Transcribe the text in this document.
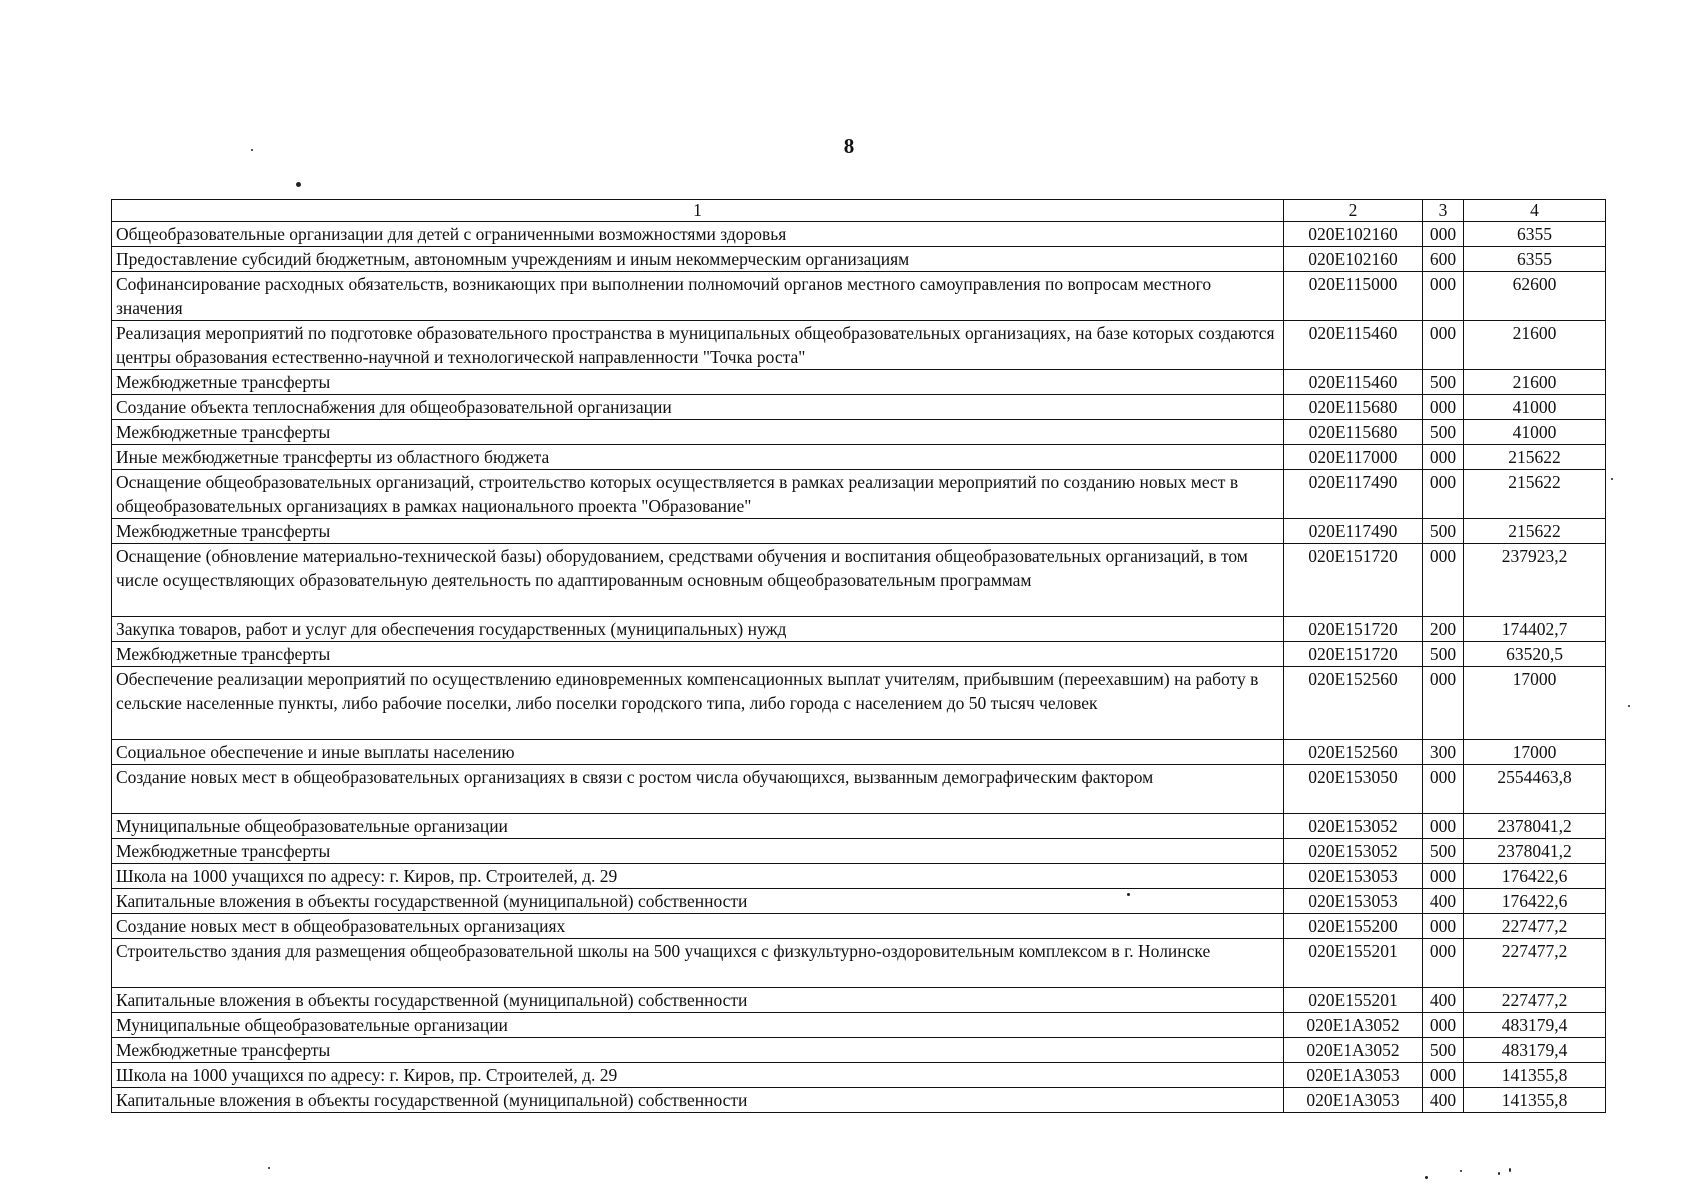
8
1	2	3	4
Общеобразовательные организации для детей с ограниченными возможностями здоровья	020E102160	000	6355
Предоставление субсидий бюджетным, автономным учреждениям и иным некоммерческим организациям	020E102160	600	6355
Софинансирование расходных обязательств, возникающих при выполнении полномочий органов местного самоуправления по вопросам местного значения	020E115000	000	62600
Реализация мероприятий по подготовке образовательного пространства в муниципальных общеобразовательных организациях, на базе которых создаются центры образования естественно-научной и технологической направленности "Точка роста"	020E115460	000	21600
Межбюджетные трансферты	020E115460	500	21600
Создание объекта теплоснабжения для общеобразовательной организации	020E115680	000	41000
Межбюджетные трансферты	020E115680	500	41000
Иные межбюджетные трансферты из областного бюджета	020E117000	000	215622
Оснащение общеобразовательных организаций, строительство которых осуществляется в рамках реализации мероприятий по созданию новых мест в общеобразовательных организациях в рамках национального проекта "Образование"	020E117490	000	215622
Межбюджетные трансферты	020E117490	500	215622
Оснащение (обновление материально-технической базы) оборудованием, средствами обучения и воспитания общеобразовательных организаций, в том числе осуществляющих образовательную деятельность по адаптированным основным общеобразовательным программам	020E151720	000	237923,2
Закупка товаров, работ и услуг для обеспечения государственных (муниципальных) нужд	020E151720	200	174402,7
Межбюджетные трансферты	020E151720	500	63520,5
Обеспечение реализации мероприятий по осуществлению единовременных компенсационных выплат учителям, прибывшим (переехавшим) на работу в сельские населенные пункты, либо рабочие поселки, либо поселки городского типа, либо города с населением до 50 тысяч человек	020E152560	000	17000
Социальное обеспечение и иные выплаты населению	020E152560	300	17000
Создание новых мест в общеобразовательных организациях в связи с ростом числа обучающихся, вызванным демографическим фактором	020E153050	000	2554463,8
Муниципальные общеобразовательные организации	020E153052	000	2378041,2
Межбюджетные трансферты	020E153052	500	2378041,2
Школа на 1000 учащихся по адресу: г. Киров, пр. Строителей, д. 29	020E153053	000	176422,6
Капитальные вложения в объекты государственной (муниципальной) собственности	020E153053	400	176422,6
Создание новых мест в общеобразовательных организациях	020E155200	000	227477,2
Строительство здания для размещения общеобразовательной школы на 500 учащихся с физкультурно-оздоровительным комплексом в г. Нолинске	020E155201	000	227477,2
Капитальные вложения в объекты государственной (муниципальной) собственности	020E155201	400	227477,2
Муниципальные общеобразовательные организации	020E1A3052	000	483179,4
Межбюджетные трансферты	020E1A3052	500	483179,4
Школа на 1000 учащихся по адресу: г. Киров, пр. Строителей, д. 29	020E1A3053	000	141355,8
Капитальные вложения в объекты государственной (муниципальной) собственности	020E1A3053	400	141355,8
